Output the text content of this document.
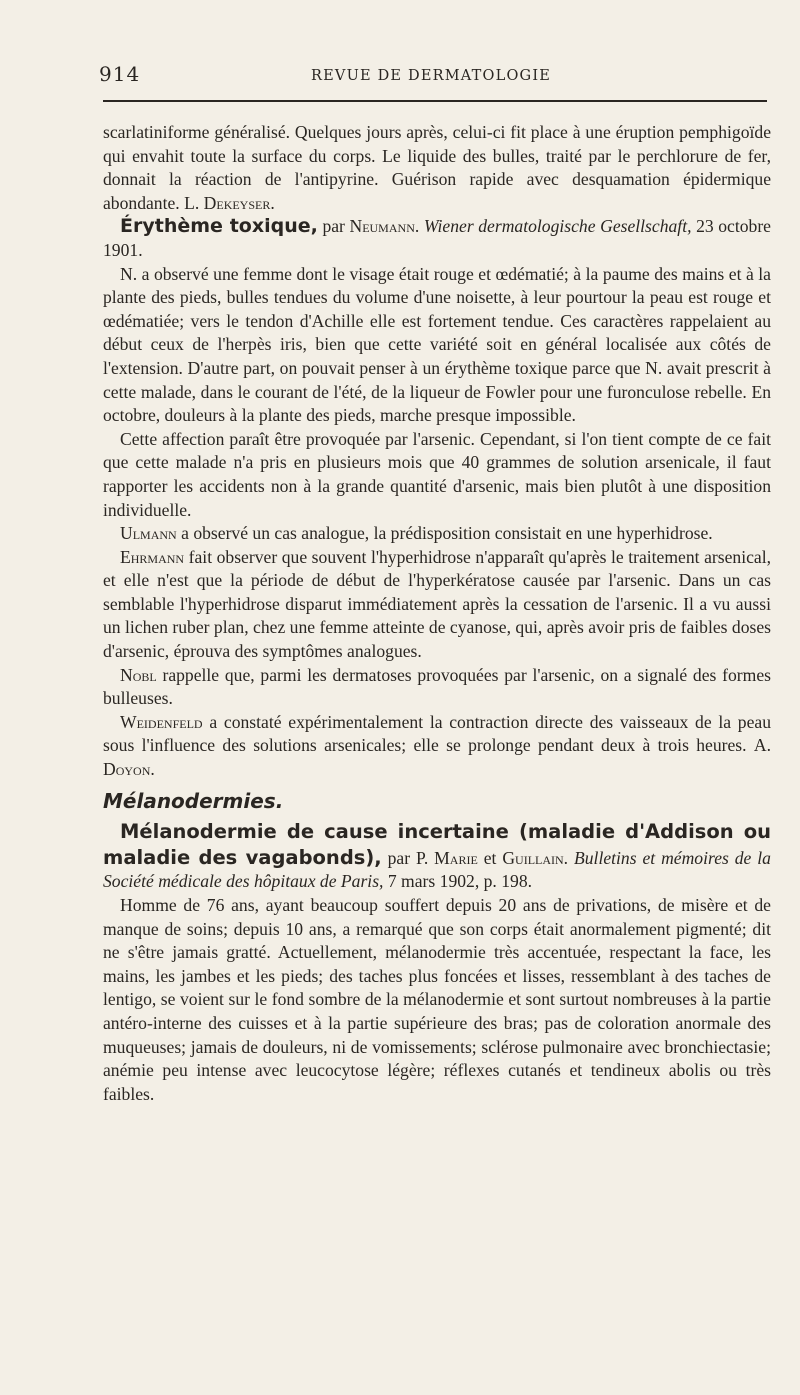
914	REVUE DE DERMATOLOGIE

scarlatiniforme généralisé. Quelques jours après, celui-ci fit place à une éruption pemphigoïde qui envahit toute la surface du corps. Le liquide des bulles, traité par le perchlorure de fer, donnait la réaction de l'antipyrine. Guérison rapide avec desquamation épidermique abondante. L. Dekeyser.

Érythème toxique, par Neumann. Wiener dermatologische Gesellschaft, 23 octobre 1901.

N. a observé une femme dont le visage était rouge et œdématié; à la paume des mains et à la plante des pieds, bulles tendues du volume d'une noisette, à leur pourtour la peau est rouge et œdématiée; vers le tendon d'Achille elle est fortement tendue. Ces caractères rappelaient au début ceux de l'herpès iris, bien que cette variété soit en général localisée aux côtés de l'extension. D'autre part, on pouvait penser à un érythème toxique parce que N. avait prescrit à cette malade, dans le courant de l'été, de la liqueur de Fowler pour une furonculose rebelle. En octobre, douleurs à la plante des pieds, marche presque impossible.

Cette affection paraît être provoquée par l'arsenic. Cependant, si l'on tient compte de ce fait que cette malade n'a pris en plusieurs mois que 40 grammes de solution arsenicale, il faut rapporter les accidents non à la grande quantité d'arsenic, mais bien plutôt à une disposition individuelle.

Ulmann a observé un cas analogue, la prédisposition consistait en une hyperhidrose.

Ehrmann fait observer que souvent l'hyperhidrose n'apparaît qu'après le traitement arsenical, et elle n'est que la période de début de l'hyperkératose causée par l'arsenic. Dans un cas semblable l'hyperhidrose disparut immédiatement après la cessation de l'arsenic. Il a vu aussi un lichen ruber plan, chez une femme atteinte de cyanose, qui, après avoir pris de faibles doses d'arsenic, éprouva des symptômes analogues.

Nobl rappelle que, parmi les dermatoses provoquées par l'arsenic, on a signalé des formes bulleuses.

Weidenfeld a constaté expérimentalement la contraction directe des vaisseaux de la peau sous l'influence des solutions arsenicales; elle se prolonge pendant deux à trois heures. A. Doyon.

Mélanodermies.

Mélanodermie de cause incertaine (maladie d'Addison ou maladie des vagabonds), par P. Marie et Guillain. Bulletins et mémoires de la Société médicale des hôpitaux de Paris, 7 mars 1902, p. 198.

Homme de 76 ans, ayant beaucoup souffert depuis 20 ans de privations, de misère et de manque de soins; depuis 10 ans, a remarqué que son corps était anormalement pigmenté; dit ne s'être jamais gratté. Actuellement, mélanodermie très accentuée, respectant la face, les mains, les jambes et les pieds; des taches plus foncées et lisses, ressemblant à des taches de lentigo, se voient sur le fond sombre de la mélanodermie et sont surtout nombreuses à la partie antéro-interne des cuisses et à la partie supérieure des bras; pas de coloration anormale des muqueuses; jamais de douleurs, ni de vomissements; sclérose pulmonaire avec bronchiectasie; anémie peu intense avec leucocytose légère; réflexes cutanés et tendineux abolis ou très faibles.
